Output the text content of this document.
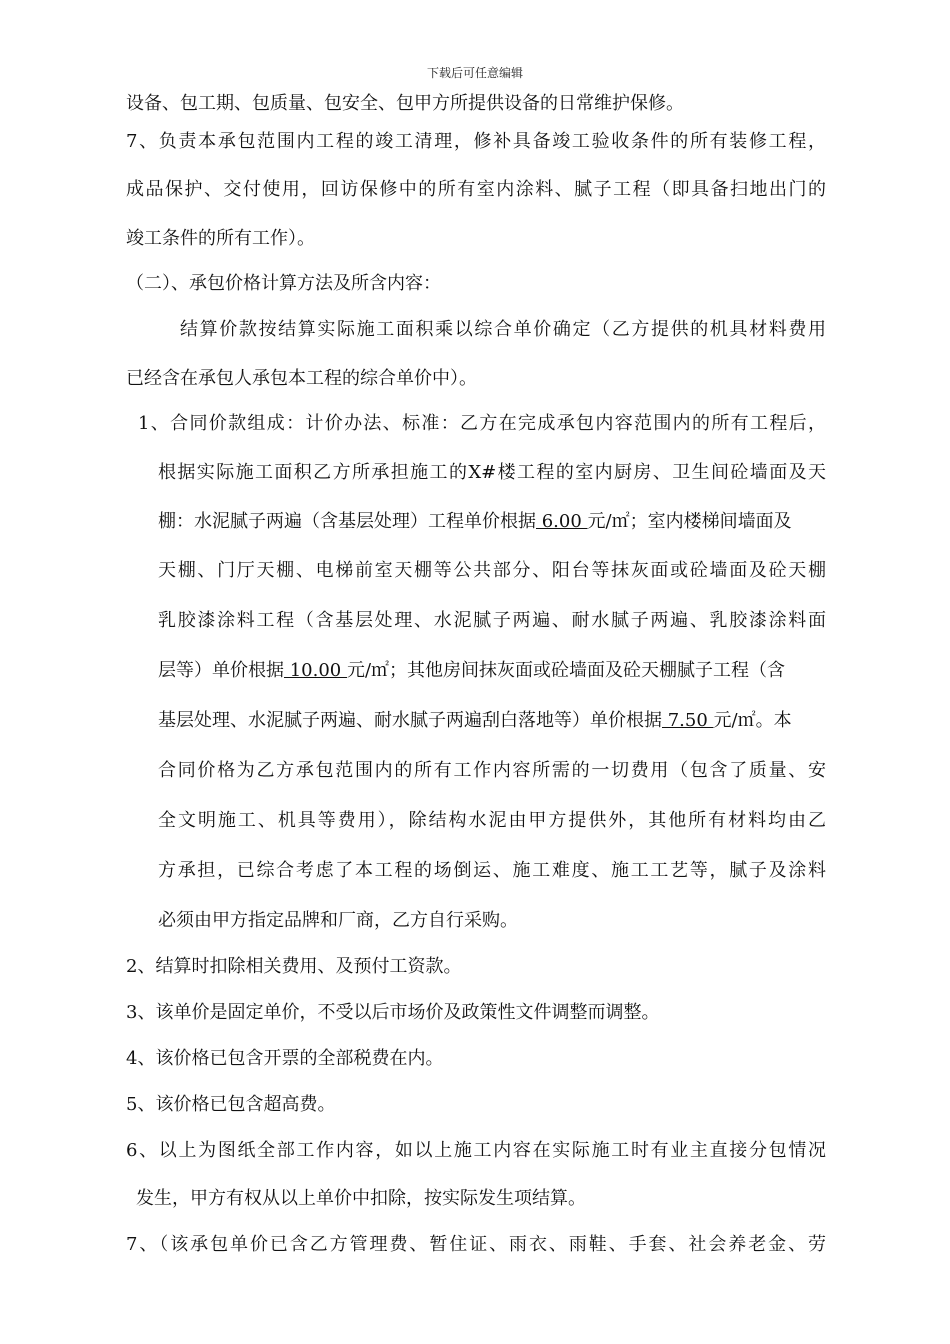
下载后可任意编辑
设备、包工期、包质量、包安全、包甲方所提供设备的日常维护保修。
7、负责本承包范围内工程的竣工清理，修补具备竣工验收条件的所有装修工程，
成品保护、交付使用，回访保修中的所有室内涂料、腻子工程（即具备扫地出门的
竣工条件的所有工作）。
（二）、承包价格计算方法及所含内容：
结算价款按结算实际施工面积乘以综合单价确定（乙方提供的机具材料费用
已经含在承包人承包本工程的综合单价中）。
1、合同价款组成：计价办法、标准：乙方在完成承包内容范围内的所有工程后，
根据实际施工面积乙方所承担施工的X#楼工程的室内厨房、卫生间砼墙面及天
棚：水泥腻子两遍（含基层处理）工程单价根据 6.00 元/㎡；室内楼梯间墙面及
天棚、门厅天棚、电梯前室天棚等公共部分、阳台等抹灰面或砼墙面及砼天棚
乳胶漆涂料工程（含基层处理、水泥腻子两遍、耐水腻子两遍、乳胶漆涂料面
层等）单价根据 10.00 元/㎡；其他房间抹灰面或砼墙面及砼天棚腻子工程（含
基层处理、水泥腻子两遍、耐水腻子两遍刮白落地等）单价根据 7.50 元/㎡。本
合同价格为乙方承包范围内的所有工作内容所需的一切费用（包含了质量、安
全文明施工、机具等费用），除结构水泥由甲方提供外，其他所有材料均由乙
方承担，已综合考虑了本工程的场倒运、施工难度、施工工艺等，腻子及涂料
必须由甲方指定品牌和厂商，乙方自行采购。
2、结算时扣除相关费用、及预付工资款。
3、该单价是固定单价，不受以后市场价及政策性文件调整而调整。
4、该价格已包含开票的全部税费在内。
5、该价格已包含超高费。
6、以上为图纸全部工作内容，如以上施工内容在实际施工时有业主直接分包情况
发生，甲方有权从以上单价中扣除，按实际发生项结算。
7、（该承包单价已含乙方管理费、暂住证、雨衣、雨鞋、手套、社会养老金、劳
